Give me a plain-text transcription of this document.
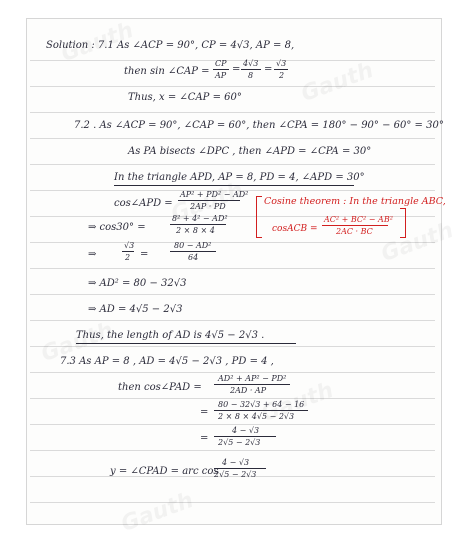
Solution : 7.1 As ∠ACP = 90°, CP = 4√3, AP = 8,
then sin ∠CAP =
CP
AP
=
4√3
8
=
√3
2
Thus, x = ∠CAP = 60°
7.2 . As ∠ACP = 90°, ∠CAP = 60°, then ∠CPA = 180° − 90° − 60° = 30°
As PA bisects ∠DPC , then ∠APD = ∠CPA = 30°
In the triangle APD, AP = 8, PD = 4, ∠APD = 30°
cos∠APD =
AP² + PD² − AD²
2AP · PD	Cosine theorem : In the triangle ABC,
cosACB =
AC² + BC² − AB²
2AC · BC
⇒ cos30° =
8² + 4² − AD²
2 × 8 × 4
⇒
√3
2 =
80 − AD²
64
⇒ AD² = 80 − 32√3
⇒ AD = 4√5 − 2√3
Thus, the length of AD is 4√5 − 2√3 .
7.3 As AP = 8 , AD = 4√5 − 2√3 , PD = 4 ,
then cos∠PAD =
AD² + AP² − PD²
2AD · AP
=
80 − 32√3 + 64 − 16
2 × 8 × 4√5 − 2√3
=
4 − √3
2√5 − 2√3
y = ∠CPAD = arc cos
4 − √3
2√5 − 2√3
